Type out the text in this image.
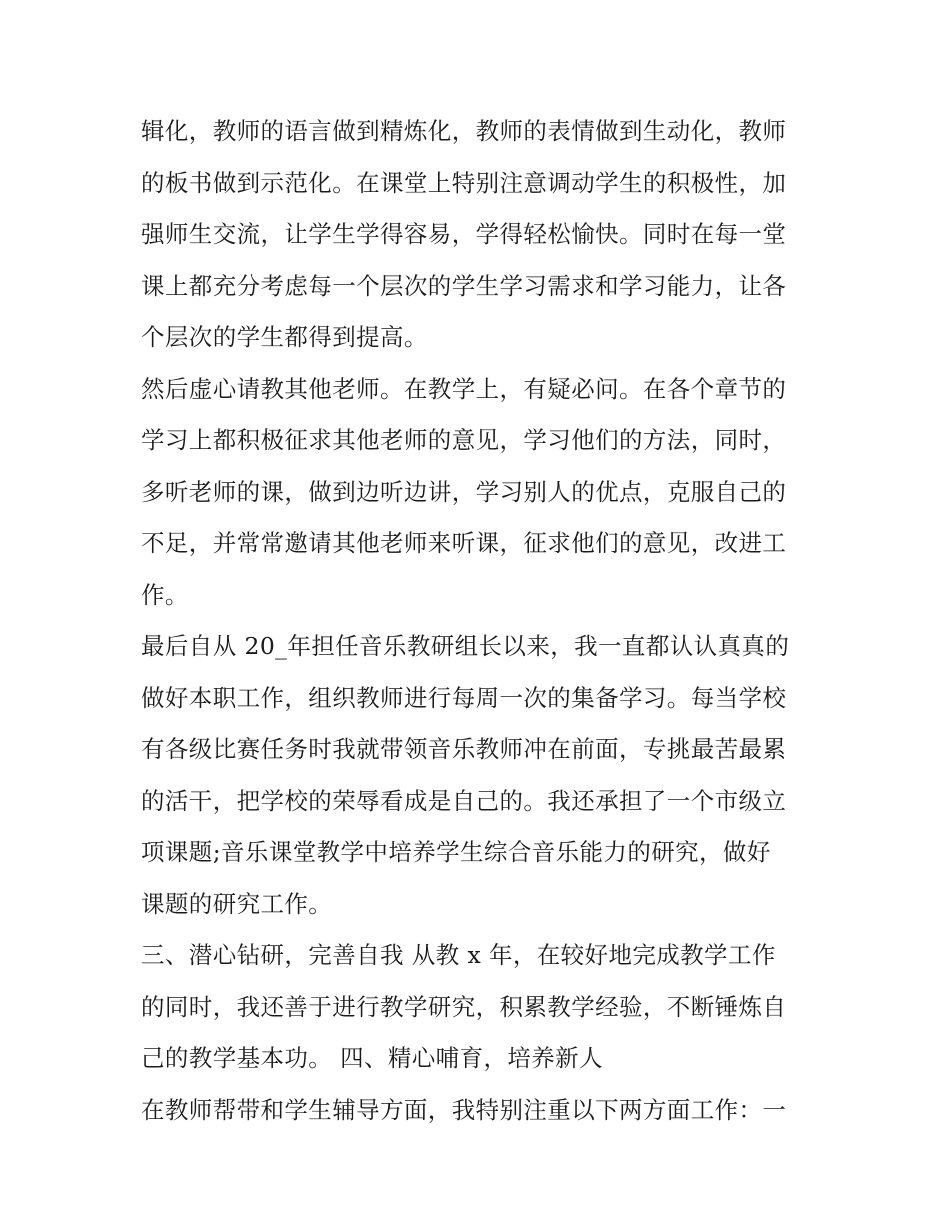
辑化，教师的语言做到精炼化，教师的表情做到生动化，教师
的板书做到示范化。在课堂上特别注意调动学生的积极性，加
强师生交流，让学生学得容易，学得轻松愉快。同时在每一堂
课上都充分考虑每一个层次的学生学习需求和学习能力，让各
个层次的学生都得到提高。
然后虚心请教其他老师。在教学上，有疑必问。在各个章节的
学习上都积极征求其他老师的意见，学习他们的方法，同时，
多听老师的课，做到边听边讲，学习别人的优点，克服自己的
不足，并常常邀请其他老师来听课，征求他们的意见，改进工
作。
最后自从 20_年担任音乐教研组长以来，我一直都认认真真的
做好本职工作，组织教师进行每周一次的集备学习。每当学校
有各级比赛任务时我就带领音乐教师冲在前面，专挑最苦最累
的活干，把学校的荣辱看成是自己的。我还承担了一个市级立
项课题;音乐课堂教学中培养学生综合音乐能力的研究，做好
课题的研究工作。
三、潜心钻研，完善自我 从教 x 年，在较好地完成教学工作
的同时，我还善于进行教学研究，积累教学经验，不断锤炼自
己的教学基本功。 四、精心哺育，培养新人
在教师帮带和学生辅导方面，我特别注重以下两方面工作：一
